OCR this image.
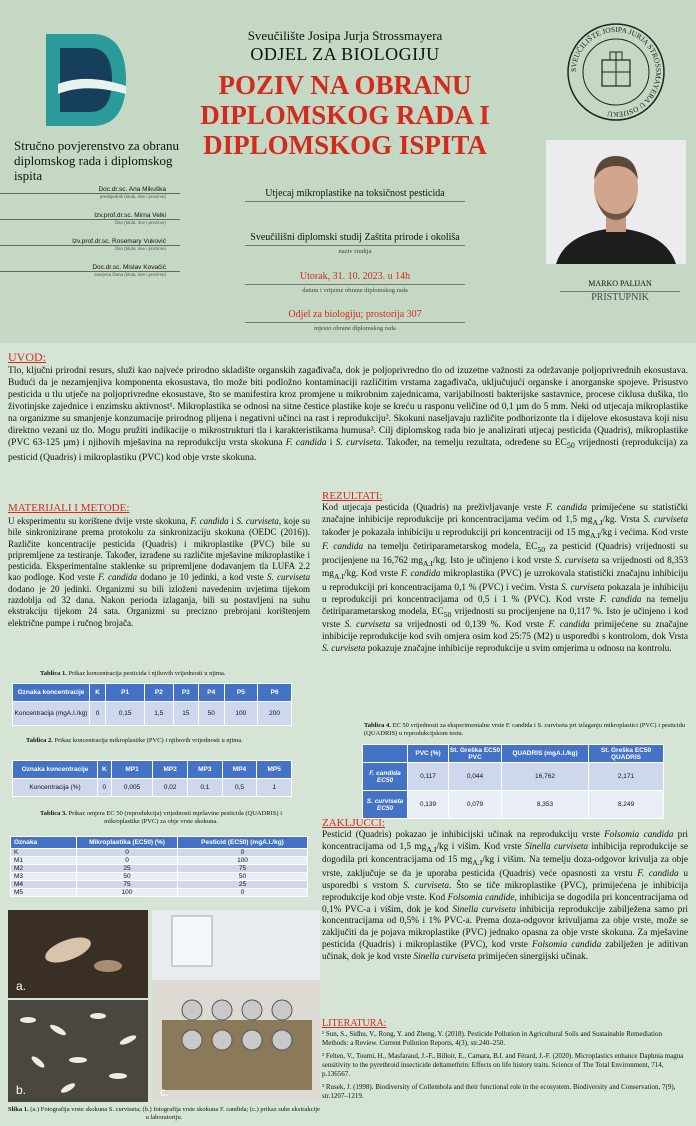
Sveučilište Josipa Jurja Strossmayera
ODJEL ZA BIOLOGIJU
POZIV NA OBRANU
DIPLOMSKOG RADA I
DIPLOMSKOG ISPITA
SVEUČILIŠTE JOSIPA JURJA STROSSMAYERA U OSIJEKU
Stručno povjerenstvo za obranu diplomskog rada i diplomskog ispita
Doc.dr.sc. Ana Mikuška
predsjednik (titula, ime i prezime)
Izv.prof.dr.sc. Mirna Velki
član (titula, ime i prezime)
Izv.prof.dr.sc. Rosemary Vuković
član (titula, ime i prezime)
Doc.dr.sc. Mislav Kovačić
zamjena člana (titula, ime i prezime)
Utjecaj mikroplastike na toksičnost pesticida
Sveučilišni diplomski studij Zaštita prirode i okoliša
naziv studija
Utorak, 31. 10. 2023. u 14h
datum i vrijeme obrane diplomskog rada
Odjel za biologiju; prostorija 307
mjesto obrane diplomskog rada
MARKO PALIJAN
PRISTUPNIK
UVOD:
Tlo, ključni prirodni resurs, služi kao najveće prirodno skladište organskih zagađivača, dok je poljoprivredno tlo od izuzetne važnosti za održavanje poljoprivrednih ekosustava. Budući da je nezamjenjiva komponenta ekosustava, tlo može biti podložno kontaminaciji različitim vrstama zagađivača, uključujući organske i anorganske spojeve. Prisustvo pesticida u tlu utječe na poljoprivredne ekosustave, što se manifestira kroz promjene u mikrobnim zajednicama, varijabilnosti bakterijske sastavnice, procese ciklusa dušika, tlo životinjske zajednice i enzimsku aktivnost¹. Mikroplastika se odnosi na sitne čestice plastike koje se kreću u rasponu veličine od 0,1 µm do 5 mm. Neki od utjecaja mikroplastike na organizme su smanjenje konzumacije prirodnog plijena i negativni učinci na rast i reprodukciju². Skokuni naseljavaju različite podhorizonte tla i dijelove ekosustava koji nisu direktno vezani uz tlo. Mogu pružiti indikacije o mikrostrukturi tla i karakteristikama humusa³. Cilj diplomskog rada bio je analizirati utjecaj pesticida (Quadris), mikroplastike (PVC 63-125 µm) i njihovih mješavina na reprodukciju vrsta skokuna F. candida i S. curviseta. Također, na temelju rezultata, određene su $EC_{50}$ vrijednosti (reprodukcija) za pesticid (Quadris) i mikroplastiku (PVC) kod obje vrste skokuna.
MATERIJALI I METODE:
U eksperimentu su korištene dvije vrste skokuna, F. candida i S. curviseta, koje su bile sinkronizirane prema protokolu za sinkronizaciju skokuna (OEDC (2016)). Različite koncentracije pesticida (Quadris) i mikroplastike (PVC) bile su pripremljene za testiranje. Također, izrađene su različite mješavine mikroplastike i pesticida. Eksperimentalne staklenke su pripremljene dodavanjem tla LUFA 2.2 kao podloge. Kod vrste F. candida dodano je 10 jedinki, a kod vrste S. curviseta dodano je 20 jedinki. Organizmi su bili izloženi navedenim uvjetima tijekom razdoblja od 32 dana. Nakon perioda izlaganja, bili su postavljeni na suhu ekstrakciju tijekom 24 sata. Organizmi su precizno prebrojani korištenjem električne pumpe i ručnog brojača.
Tablica 1. Prikaz koncentracija pesticida i njihovih vrijednosti u njima.
Oznaka koncentracije	K	P1	P2	P3	P4	P5	P6
Koncentracija (mgA.I./kg)	0	0,15	1,5	15	50	100	200
Tablica 2. Prikaz koncentracija mikroplastike (PVC) i njihovih vrijednosti u njima.
Oznaka koncentracije	K	MP1	MP2	MP3	MP4	MP5
Koncentracija (%)	0	0,005	0,02	0,1	0,5	1
Tablica 3. Prikaz omjera EC 50 (reprodukcija) vrijednosti mješavine pesticida (QUADRIS) i mikroplastike (PVC) za obje vrste skokuna.
Oznaka	Mikroplastika (EC50) (%)	Pesticid (EC50) (mgA.I./kg)
K	0	0
M1	0	100
M2	25	75
M3	50	50
M4	75	25
M5	100	0
a.
b.	c.
Slika 1. (a.) Fotografija vrste skokuna S. curviseta; (b.) fotografija vrste skokuna F. candida; (c.) prikaz suhe ekstrakcije u laboratoriju.
REZULTATI:
Kod utjecaja pesticida (Quadris) na preživljavanje vrste F. candida primijećene su statistički značajne inhibicije reprodukcije pri koncentracijama većim od 1,5 $mg_{A.I}/kg$. Vrsta S. curviseta također je pokazala inhibiciju u reprodukciji pri koncentraciji od 15 $mg_{A.I}/kg$ i većima. Kod vrste F. candida na temelju četiriparametarskog modela, $EC_{50}$ za pesticid (Quadris) vrijednosti su procijenjene na 16,762 $mg_{A.I}/kg$. Isto je učinjeno i kod vrste S. curviseta sa vrijednosti od 8,353 $mg_{A.I}/kg$. Kod vrste F. candida mikroplastika (PVC) je uzrokovala statistički značajnu inhibiciju u reprodukciji pri koncentracijama 0,1 % (PVC) i većim. Vrsta S. curviseta pokazala je inhibiciju u reprodukciji pri koncentracijama od 0,5 i 1 % (PVC). Kod vrste F. candida na temelju četiriparametarskog modela, $EC_{50}$ vrijednosti su procijenjene na 0,117 %. Isto je učinjeno i kod vrste S. curviseta sa vrijednosti od 0,139 %. Kod vrste F. candida primijećene su značajne inhibicije reprodukcije kod svih omjera osim kod 25:75 (M2) u usporedbi s kontrolom, dok Vrsta S. curviseta pokazuje značajne inhibicije reprodukcije u svim omjerima u odnosu na kontrolu.
Tablica 4. EC 50 vrijednosti za eksperimentalne vrste F. candida i S. curviseta pri izlaganju mikroplastici (PVC) i pesticidu (QUADRIS) u reprodukcijskom testu.
	PVC (%)	St. Greška EC50 PVC	QUADRIS (mgA.I./kg)	St. Greška EC50 QUADRIS
F. candida EC50	0,117	0,044	16,762	2,171
S. curviseta EC50	0,139	0,079	8,353	8,249
ZAKLJUČCI:
Pesticid (Quadris) pokazao je inhibicijski učinak na reprodukciju vrste Folsomia candida pri koncentracijama od 1,5 $mg_{A.I}/kg$ i višim. Kod vrste Sinella curviseta inhibicija reprodukcije se dogodila pri koncentracijama od 15 $mg_{A.I}/kg$ i višim. Na temelju doza-odgovor krivulja za obje vrste, zaključuje se da je uporaba pesticida (Quadris) veće opasnosti za vrstu F. candida u usporedbi s vrstom S. curviseta. Što se tiče mikroplastike (PVC), primijećena je inhibicija reprodukcije kod obje vrste. Kod Folsomia candide, inhibicija se dogodila pri koncentracijama od 0,1% PVC-a i višim, dok je kod Sinella curviseta inhibicija reprodukcije zabilježena samo pri koncentracijama od 0,5% i 1% PVC-a. Prema doza-odgovor krivuljama za obje vrste, može se zaključiti da je pojava mikroplastike (PVC) jednako opasna za obje vrste skokuna. Za mješavine pesticida (Quadris) i mikroplastike (PVC), kod vrste Folsomia candida zabilježen je aditivan učinak, dok je kod vrste Sinella curviseta primijećen sinergijski učinak.
LITERATURA:
¹ Sun, S., Sidhu, V., Rong, Y. and Zheng, Y. (2018). Pesticide Pollution in Agricultural Soils and Sustainable Remediation Methods: a Review. Current Pollution Reports, 4(3), str.240–250.
² Felten, V., Toumi, H., Masfaraud, J.-F., Billoir, E., Camara, B.I. and Férard, J.-F. (2020). Microplastics enhance Daphnia magna sensitivity to the pyrethroid insecticide deltamethrin: Effects on life history traits. Science of The Total Environment, 714, p.136567.
³ Rusek, J. (1998). Biodiversity of Collembola and their functional role in the ecosystem. Biodiversity and Conservation, 7(9), str.1207–1219.
